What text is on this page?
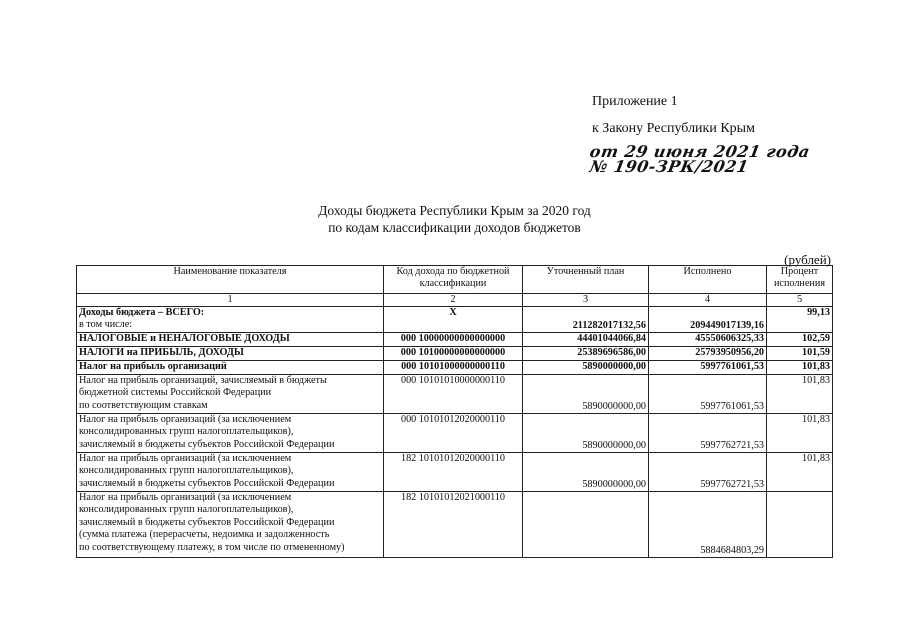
Приложение 1
к Закону Республики Крым
от 29 июня 2021 года
№ 190-ЗРК/2021
Доходы бюджета Республики Крым за 2020 год
по кодам классификации доходов бюджетов
(рублей)
Наименование показателя	Код дохода по бюджетной классификации	Уточненный план	Исполнено	Процент исполнения
1	2	3	4	5

Доходы бюджета – ВСЕГО:
в том числе:	X	211282017132,56	209449017139,16	99,13
НАЛОГОВЫЕ и НЕНАЛОГОВЫЕ ДОХОДЫ	000 10000000000000000	44401044066,84	45550606325,33	102,59
НАЛОГИ на ПРИБЫЛЬ, ДОХОДЫ	000 10100000000000000	25389696586,00	25793950956,20	101,59
Налог на прибыль организаций	000 10101000000000110	5890000000,00	5997761061,53	101,83

Налог на прибыль организаций, зачисляемый в бюджеты
бюджетной системы Российской Федерации
по соответствующим ставкам	000 10101010000000110	5890000000,00	5997761061,53	101,83

Налог на прибыль организаций (за исключением
консолидированных групп налогоплательщиков),
зачисляемый в бюджеты субъектов Российской Федерации	000 10101012020000110	5890000000,00	5997762721,53	101,83

Налог на прибыль организаций (за исключением
консолидированных групп налогоплательщиков),
зачисляемый в бюджеты субъектов Российской Федерации	182 10101012020000110	5890000000,00	5997762721,53	101,83

Налог на прибыль организаций (за исключением
консолидированных групп налогоплательщиков),
зачисляемый в бюджеты субъектов Российской Федерации
(сумма платежа (перерасчеты, недоимка и задолженность
по соответствующему платежу, в том числе по отмененному)	182 10101012021000110		5884684803,29	
